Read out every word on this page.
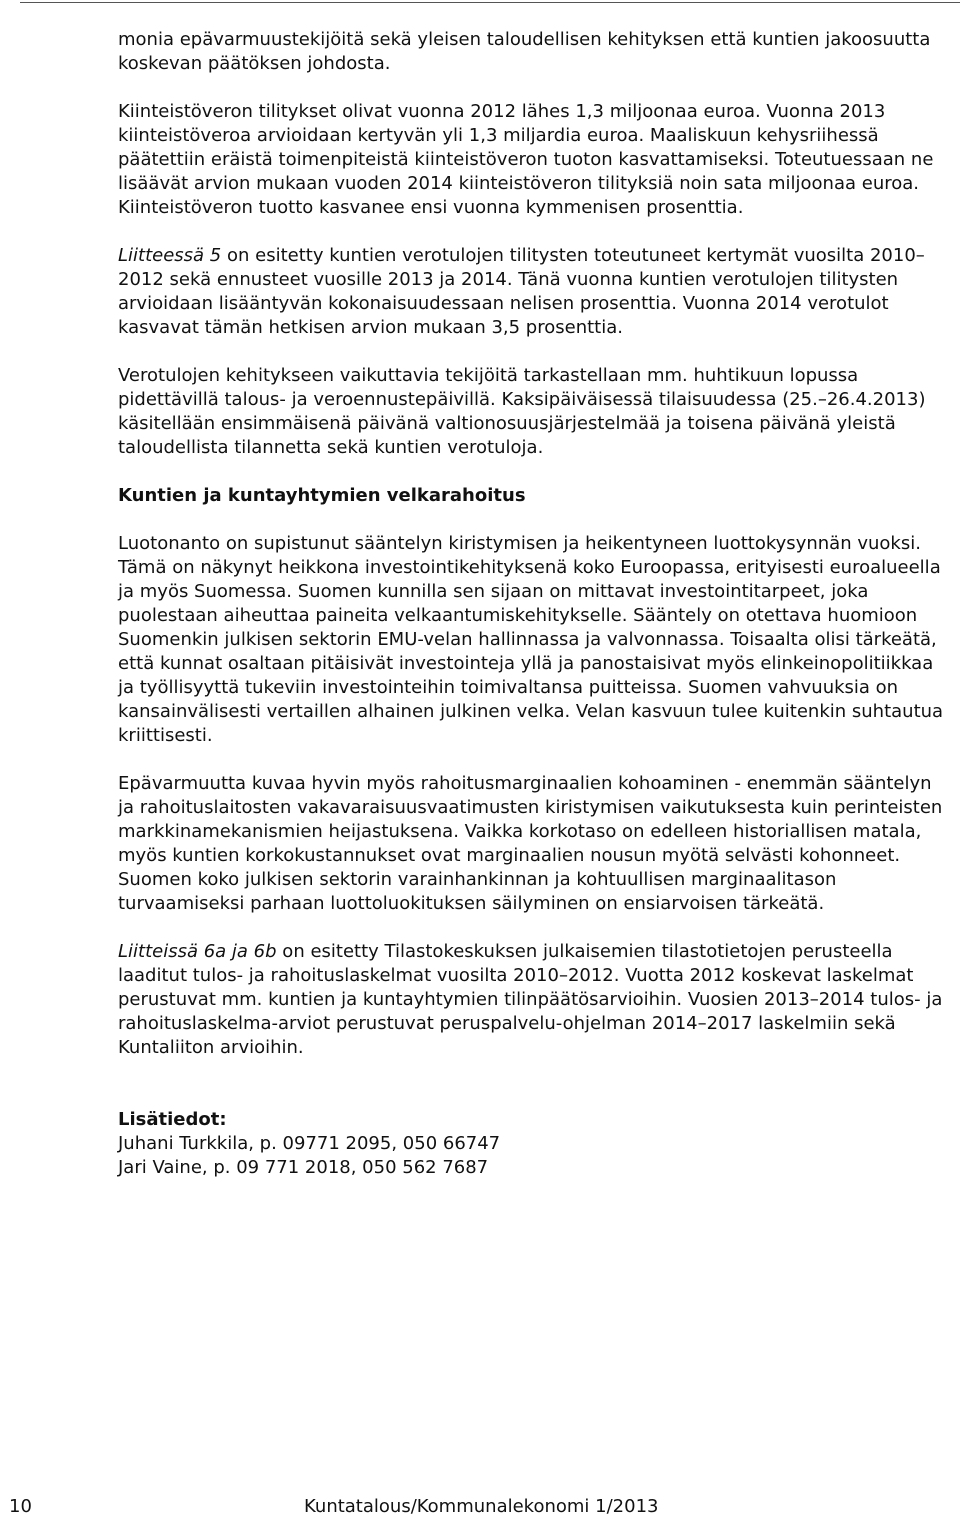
monia epävarmuustekijöitä sekä yleisen taloudellisen kehityksen että kuntien jakoosuutta koskevan päätöksen johdosta.

Kiinteistöveron tilitykset olivat vuonna 2012 lähes 1,3 miljoonaa euroa. Vuonna 2013 kiinteistöveroa arvioidaan kertyvän yli 1,3 miljardia euroa. Maaliskuun kehysriihessä päätettiin eräistä toimenpiteistä kiinteistöveron tuoton kasvattamiseksi. Toteutuessaan ne lisäävät arvion mukaan vuoden 2014 kiinteistöveron tilityksiä noin sata miljoonaa euroa. Kiinteistöveron tuotto kasvanee ensi vuonna kymmenisen prosenttia.

Liitteessä 5 on esitetty kuntien verotulojen tilitysten toteutuneet kertymät vuosilta 2010–2012 sekä ennusteet vuosille 2013 ja 2014. Tänä vuonna kuntien verotulojen tilitysten arvioidaan lisääntyvän kokonaisuudessaan nelisen prosenttia. Vuonna 2014 verotulot kasvavat tämän hetkisen arvion mukaan 3,5 prosenttia.

Verotulojen kehitykseen vaikuttavia tekijöitä tarkastellaan mm. huhtikuun lopussa pidettävillä talous- ja veroennustepäivillä. Kaksipäiväisessä tilaisuudessa (25.–26.4.2013) käsitellään ensimmäisenä päivänä valtionosuusjärjestelmää ja toisena päivänä yleistä taloudellista tilannetta sekä kuntien verotuloja.

Kuntien ja kuntayhtymien velkarahoitus

Luotonanto on supistunut sääntelyn kiristymisen ja heikentyneen luottokysynnän vuoksi. Tämä on näkynyt heikkona investointikehityksenä koko Euroopassa, erityisesti euroalueella ja myös Suomessa. Suomen kunnilla sen sijaan on mittavat investointitarpeet, joka puolestaan aiheuttaa paineita velkaantumiskehitykselle. Sääntely on otettava huomioon Suomenkin julkisen sektorin EMU-velan hallinnassa ja valvonnassa. Toisaalta olisi tärkeätä, että kunnat osaltaan pitäisivät investointeja yllä ja panostaisivat myös elinkeinopolitiikkaa ja työllisyyttä tukeviin investointeihin toimivaltansa puitteissa. Suomen vahvuuksia on kansainvälisesti vertaillen alhainen julkinen velka. Velan kasvuun tulee kuitenkin suhtautua kriittisesti.

Epävarmuutta kuvaa hyvin myös rahoitusmarginaalien kohoaminen - enemmän sääntelyn ja rahoituslaitosten vakavaraisuusvaatimusten kiristymisen vaikutuksesta kuin perinteisten markkinamekanismien heijastuksena. Vaikka korkotaso on edelleen historiallisen matala, myös kuntien korkokustannukset ovat marginaalien nousun myötä selvästi kohonneet. Suomen koko julkisen sektorin varainhankinnan ja kohtuullisen marginaalitason turvaamiseksi parhaan luottoluokituksen säilyminen on ensiarvoisen tärkeätä.

Liitteissä 6a ja 6b on esitetty Tilastokeskuksen julkaisemien tilastotietojen perusteella laaditut tulos- ja rahoituslaskelmat vuosilta 2010–2012. Vuotta 2012 koskevat laskelmat perustuvat mm. kuntien ja kuntayhtymien tilinpäätösarvioihin. Vuosien 2013–2014 tulos- ja rahoituslaskelma-arviot perustuvat peruspalvelu-ohjelman 2014–2017 laskelmiin sekä Kuntaliiton arvioihin.

Lisätiedot:

Juhani Turkkila, p. 09771 2095, 050 66747

Jari Vaine, p. 09 771 2018, 050 562 7687

10	Kuntatalous/Kommunalekonomi 1/2013
